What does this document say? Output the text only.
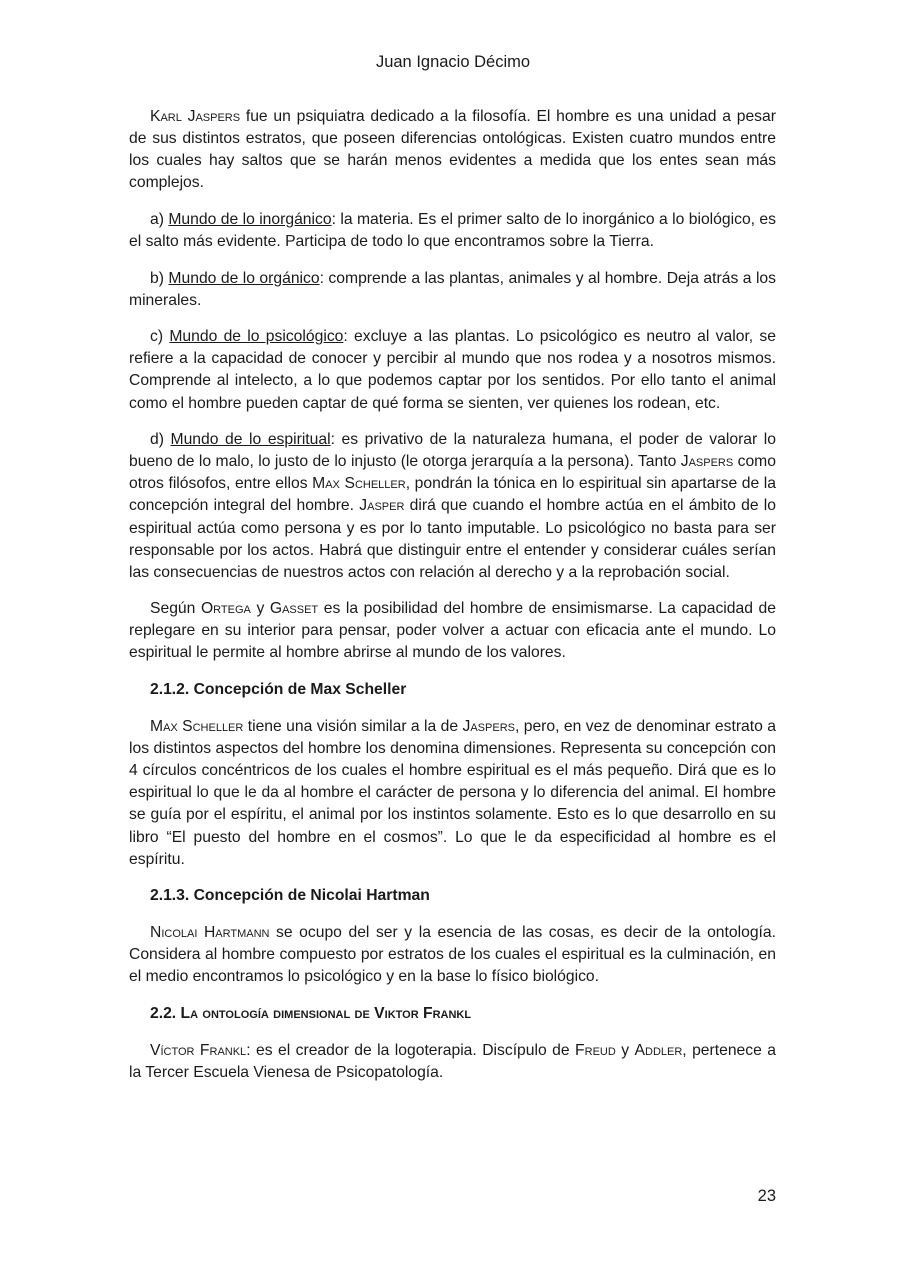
Juan Ignacio Décimo

Karl Jaspers fue un psiquiatra dedicado a la filosofía. El hombre es una unidad a pesar de sus distintos estratos, que poseen diferencias ontológicas. Existen cuatro mundos entre los cuales hay saltos que se harán menos evidentes a medida que los entes sean más complejos.

a) Mundo de lo inorgánico: la materia. Es el primer salto de lo inorgánico a lo biológico, es el salto más evidente. Participa de todo lo que encontramos sobre la Tierra.

b) Mundo de lo orgánico: comprende a las plantas, animales y al hombre. Deja atrás a los minerales.

c) Mundo de lo psicológico: excluye a las plantas. Lo psicológico es neutro al valor, se refiere a la capacidad de conocer y percibir al mundo que nos rodea y a nosotros mismos. Comprende al intelecto, a lo que podemos captar por los sentidos. Por ello tanto el animal como el hombre pueden captar de qué forma se sienten, ver quienes los rodean, etc.

d) Mundo de lo espiritual: es privativo de la naturaleza humana, el poder de valorar lo bueno de lo malo, lo justo de lo injusto (le otorga jerarquía a la persona). Tanto Jaspers como otros filósofos, entre ellos Max Scheller, pondrán la tónica en lo espiritual sin apartarse de la concepción integral del hombre. Jasper dirá que cuando el hombre actúa en el ámbito de lo espiritual actúa como persona y es por lo tanto imputable. Lo psicológico no basta para ser responsable por los actos. Habrá que distinguir entre el entender y considerar cuáles serían las consecuencias de nuestros actos con relación al derecho y a la reprobación social.

Según Ortega y Gasset es la posibilidad del hombre de ensimismarse. La capacidad de replegare en su interior para pensar, poder volver a actuar con eficacia ante el mundo. Lo espiritual le permite al hombre abrirse al mundo de los valores.

2.1.2. Concepción de Max Scheller

Max Scheller tiene una visión similar a la de Jaspers, pero, en vez de denominar estrato a los distintos aspectos del hombre los denomina dimensiones. Representa su concepción con 4 círculos concéntricos de los cuales el hombre espiritual es el más pequeño. Dirá que es lo espiritual lo que le da al hombre el carácter de persona y lo diferencia del animal. El hombre se guía por el espíritu, el animal por los instintos solamente. Esto es lo que desarrollo en su libro “El puesto del hombre en el cosmos”. Lo que le da especificidad al hombre es el espíritu.

2.1.3. Concepción de Nicolai Hartman

Nicolai Hartmann se ocupo del ser y la esencia de las cosas, es decir de la ontología. Considera al hombre compuesto por estratos de los cuales el espiritual es la culminación, en el medio encontramos lo psicológico y en la base lo físico biológico.

2.2. La ontología dimensional de Viktor Frankl

Víctor Frankl: es el creador de la logoterapia. Discípulo de Freud y Addler, pertenece a la Tercer Escuela Vienesa de Psicopatología.

23
